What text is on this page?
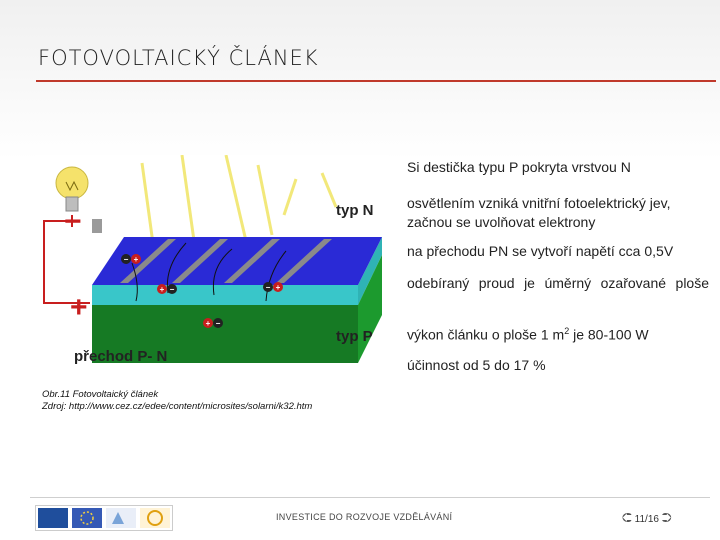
FOTOVOLTAICKÝ ČLÁNEK
− +
+ −	− +
+ −
−
+
typ N
typ P
přechod P- N
Obr.11 Fotovoltaický článek
Zdroj: http://www.cez.cz/edee/content/microsites/solarni/k32.htm
Si destička typu P pokryta vrstvou N
osvětlením vzniká vnitřní fotoelektrický jev, začnou se uvolňovat elektrony
na přechodu PN se vytvoří napětí cca 0,5V
odebíraný proud je úměrný ozařované ploše
výkon článku o ploše 1 $m^2$ je 80-100 W
účinnost od 5 do 17 %
INVESTICE DO ROZVOJE VZDĚLÁVÁNÍ	⮈ 11/16 ⮊
